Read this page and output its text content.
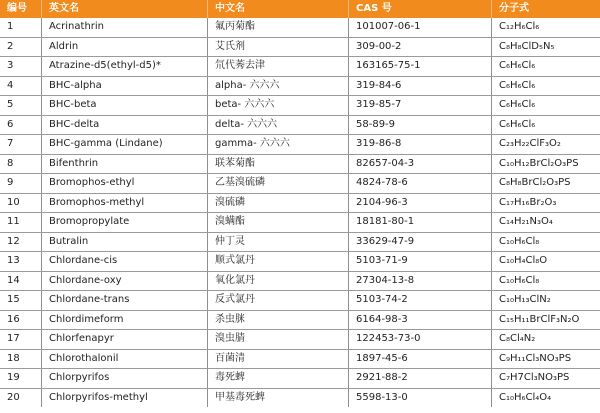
编号	英文名	中文名	CAS 号	分子式
1	Acrinathrin	氟丙菊酯	101007-06-1	C₁₂H₆Cl₆
2	Aldrin	艾氏剂	309-00-2	C₈H₈ClD₅N₅
3	Atrazine-d5(ethyl-d5)*	氘代莠去津	163165-75-1	C₆H₆Cl₆
4	BHC-alpha	alpha- 六六六	319-84-6	C₆H₆Cl₆
5	BHC-beta	beta- 六六六	319-85-7	C₆H₆Cl₆
6	BHC-delta	delta- 六六六	58-89-9	C₆H₆Cl₆
7	BHC-gamma (Lindane)	gamma- 六六六	319-86-8	C₂₃H₂₂ClF₃O₂
8	Bifenthrin	联苯菊酯	82657-04-3	C₁₀H₁₂BrCl₂O₃PS
9	Bromophos-ethyl	乙基溴硫磷	4824-78-6	C₈H₈BrCl₂O₃PS
10	Bromophos-methyl	溴硫磷	2104-96-3	C₁₇H₁₆Br₂O₃
11	Bromopropylate	溴螨酯	18181-80-1	C₁₄H₂₁N₃O₄
12	Butralin	仲丁灵	33629-47-9	C₁₀H₆Cl₈
13	Chlordane-cis	顺式氯丹	5103-71-9	C₁₀H₄Cl₈O
14	Chlordane-oxy	氧化氯丹	27304-13-8	C₁₀H₆Cl₈
15	Chlordane-trans	反式氯丹	5103-74-2	C₁₀H₁₃ClN₂
16	Chlordimeform	杀虫脒	6164-98-3	C₁₅H₁₁BrClF₃N₂O
17	Chlorfenapyr	溴虫腈	122453-73-0	C₈Cl₄N₂
18	Chlorothalonil	百菌清	1897-45-6	C₉H₁₁Cl₃NO₃PS
19	Chlorpyrifos	毒死蜱	2921-88-2	C₇H7Cl₃NO₃PS
20	Chlorpyrifos-methyl	甲基毒死蜱	5598-13-0	C₁₀H₆Cl₄O₄
